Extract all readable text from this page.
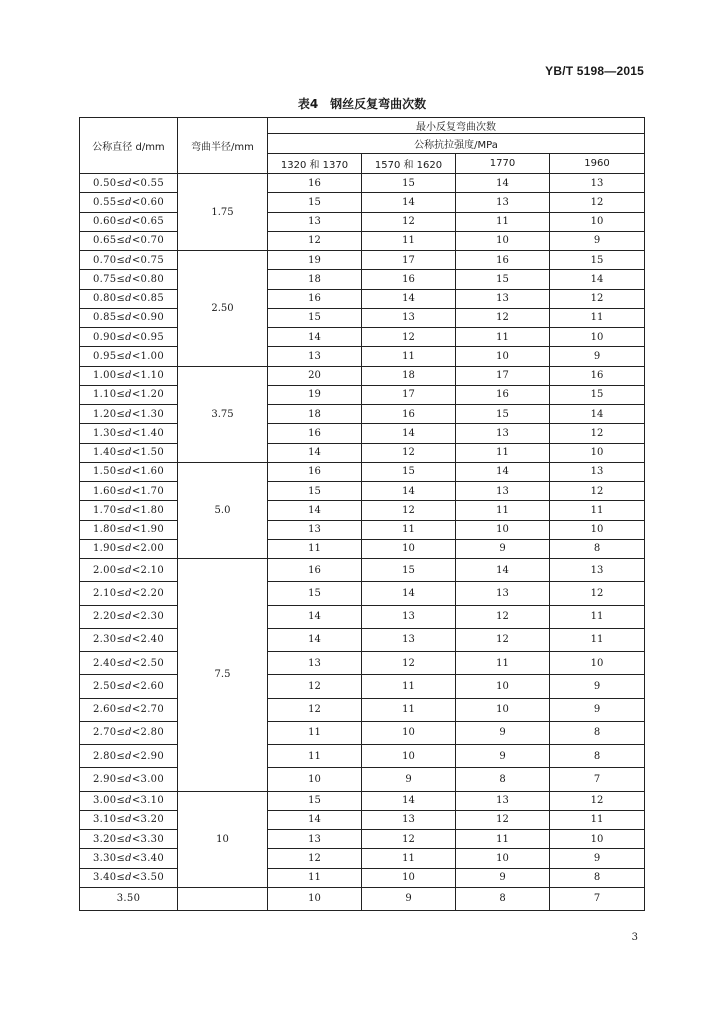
YB/T 5198—2015
表4　钢丝反复弯曲次数
公称直径 d/mm	弯曲半径/mm	最小反复弯曲次数			
		公称抗拉强度/MPa			
		1320 和 1370	1570 和 1620	1770	1960
0.50≤d<0.55	1.75	16	15	14	13
0.55≤d<0.60		15	14	13	12
0.60≤d<0.65		13	12	11	10
0.65≤d<0.70		12	11	10	9
0.70≤d<0.75	2.50	19	17	16	15
0.75≤d<0.80		18	16	15	14
0.80≤d<0.85		16	14	13	12
0.85≤d<0.90		15	13	12	11
0.90≤d<0.95		14	12	11	10
0.95≤d<1.00		13	11	10	9
1.00≤d<1.10	3.75	20	18	17	16
1.10≤d<1.20		19	17	16	15
1.20≤d<1.30		18	16	15	14
1.30≤d<1.40		16	14	13	12
1.40≤d<1.50		14	12	11	10
1.50≤d<1.60	5.0	16	15	14	13
1.60≤d<1.70		15	14	13	12
1.70≤d<1.80		14	12	11	11
1.80≤d<1.90		13	11	10	10
1.90≤d<2.00		11	10	9	8
2.00≤d<2.10	7.5	16	15	14	13
2.10≤d<2.20		15	14	13	12
2.20≤d<2.30		14	13	12	11
2.30≤d<2.40		14	13	12	11
2.40≤d<2.50		13	12	11	10
2.50≤d<2.60		12	11	10	9
2.60≤d<2.70		12	11	10	9
2.70≤d<2.80		11	10	9	8
2.80≤d<2.90		11	10	9	8
2.90≤d<3.00		10	9	8	7
3.00≤d<3.10	10	15	14	13	12
3.10≤d<3.20		14	13	12	11
3.20≤d<3.30		13	12	11	10
3.30≤d<3.40		12	11	10	9
3.40≤d<3.50		11	10	9	8
3.50		10	9	8	7
3
